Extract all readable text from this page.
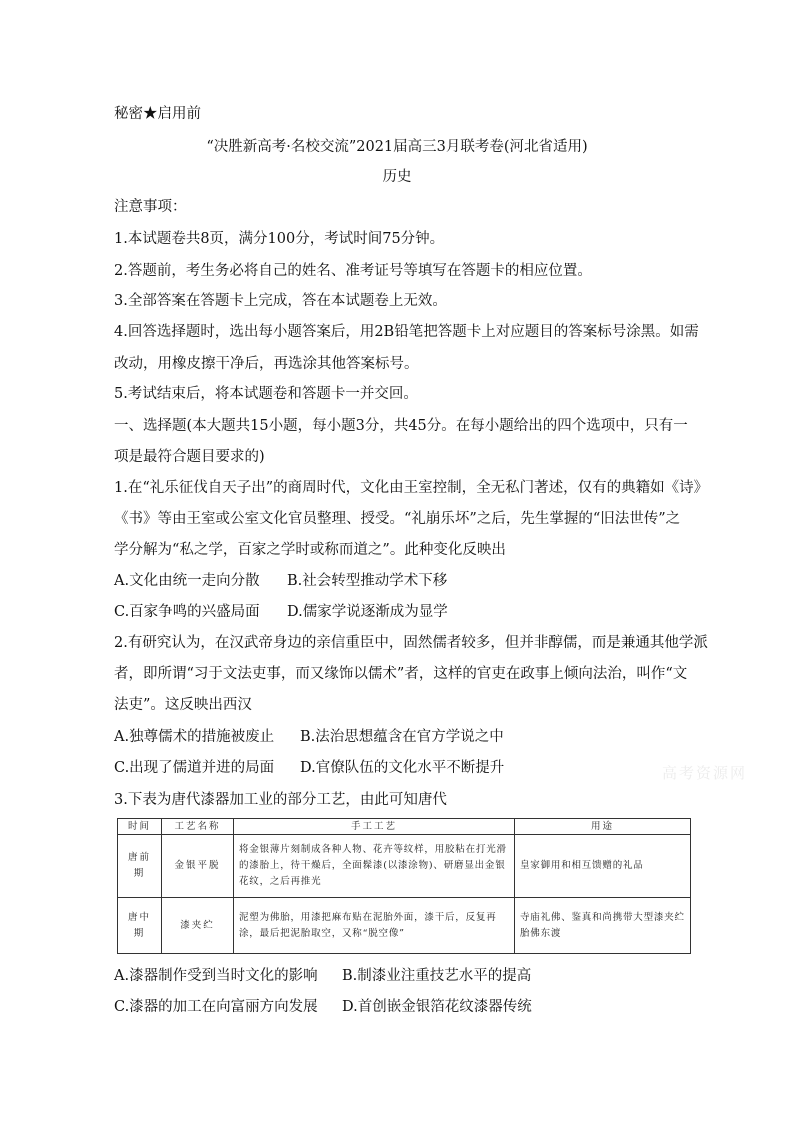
秘密★启用前
“决胜新高考·名校交流”2021届高三3月联考卷(河北省适用)
历史
注意事项：
1.本试题卷共8页，满分100分，考试时间75分钟。
2.答题前，考生务必将自己的姓名、准考证号等填写在答题卡的相应位置。
3.全部答案在答题卡上完成，答在本试题卷上无效。
4.回答选择题时，选出每小题答案后，用2B铅笔把答题卡上对应题目的答案标号涂黑。如需
改动，用橡皮擦干净后，再选涂其他答案标号。
5.考试结束后，将本试题卷和答题卡一并交回。
一、选择题(本大题共15小题，每小题3分，共45分。在每小题给出的四个选项中，只有一
项是最符合题目要求的)
1.在“礼乐征伐自天子出”的商周时代，文化由王室控制，全无私门著述，仅有的典籍如《诗》
《书》等由王室或公室文化官员整理、授受。“礼崩乐坏”之后，先生掌握的“旧法世传”之
学分解为“私之学，百家之学时或称而道之”。此种变化反映出
A.文化由统一走向分散 B.社会转型推动学术下移
C.百家争鸣的兴盛局面 D.儒家学说逐渐成为显学
2.有研究认为，在汉武帝身边的亲信重臣中，固然儒者较多，但并非醇儒，而是兼通其他学派
者，即所谓“习于文法吏事，而又缘饰以儒术”者，这样的官吏在政事上倾向法治，叫作“文
法吏”。这反映出西汉
A.独尊儒术的措施被废止 B.法治思想蕴含在官方学说之中
C.出现了儒道并进的局面 D.官僚队伍的文化水平不断提升	高考资源网
3.下表为唐代漆器加工业的部分工艺，由此可知唐代
时间	工艺名称	手工工艺	用途
唐前期	金银平脱	将金银薄片刻制成各种人物、花卉等纹样，用胶粘在打光滑的漆胎上，待干燥后，全面髹漆(以漆涂物)、研磨显出金银花纹，之后再推光	皇家御用和相互馈赠的礼品
唐中期	漆夹纻	泥塑为佛胎，用漆把麻布贴在泥胎外面，漆干后，反复再涂，最后把泥胎取空，又称“脱空像”	寺庙礼佛、鉴真和尚携带大型漆夹纻胎佛东渡
A.漆器制作受到当时文化的影响 B.制漆业注重技艺水平的提高
C.漆器的加工在向富丽方向发展 D.首创嵌金银箔花纹漆器传统
